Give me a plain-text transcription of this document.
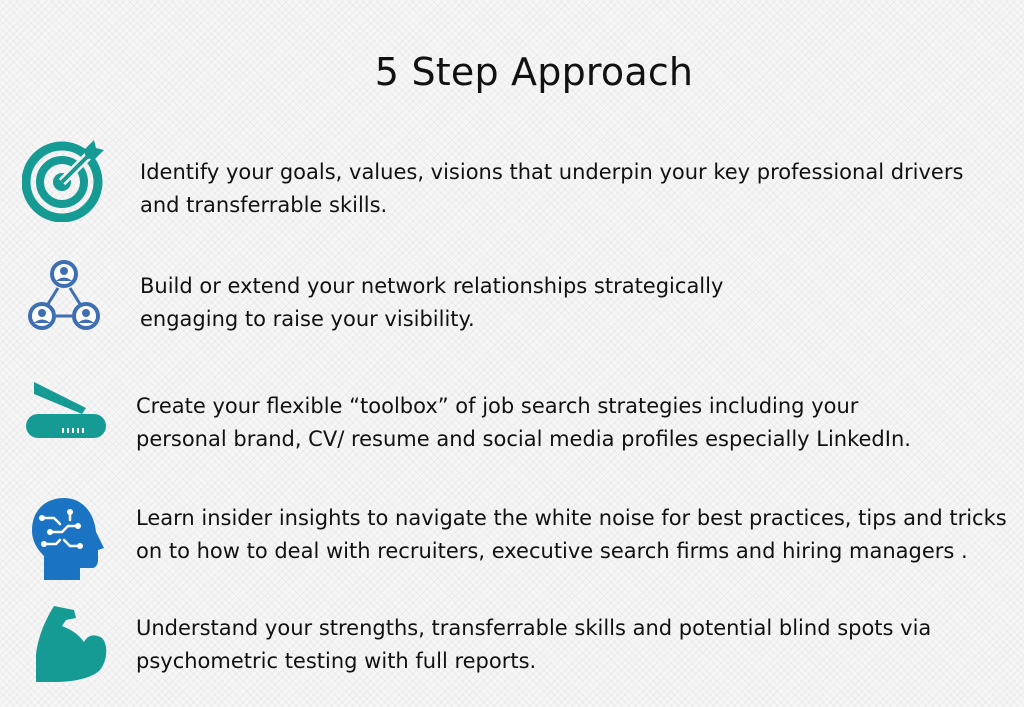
5 Step Approach

Identify your goals, values, visions that underpin your key professional drivers
and transferrable skills.

Build or extend your network relationships strategically
engaging to raise your visibility.

Create your flexible “toolbox” of job search strategies including your
personal brand, CV/ resume and social media profiles especially LinkedIn.

Learn insider insights to navigate the white noise for best practices, tips and tricks
on to how to deal with recruiters, executive search firms and hiring managers .

Understand your strengths, transferrable skills and potential blind spots via
psychometric testing with full reports.
